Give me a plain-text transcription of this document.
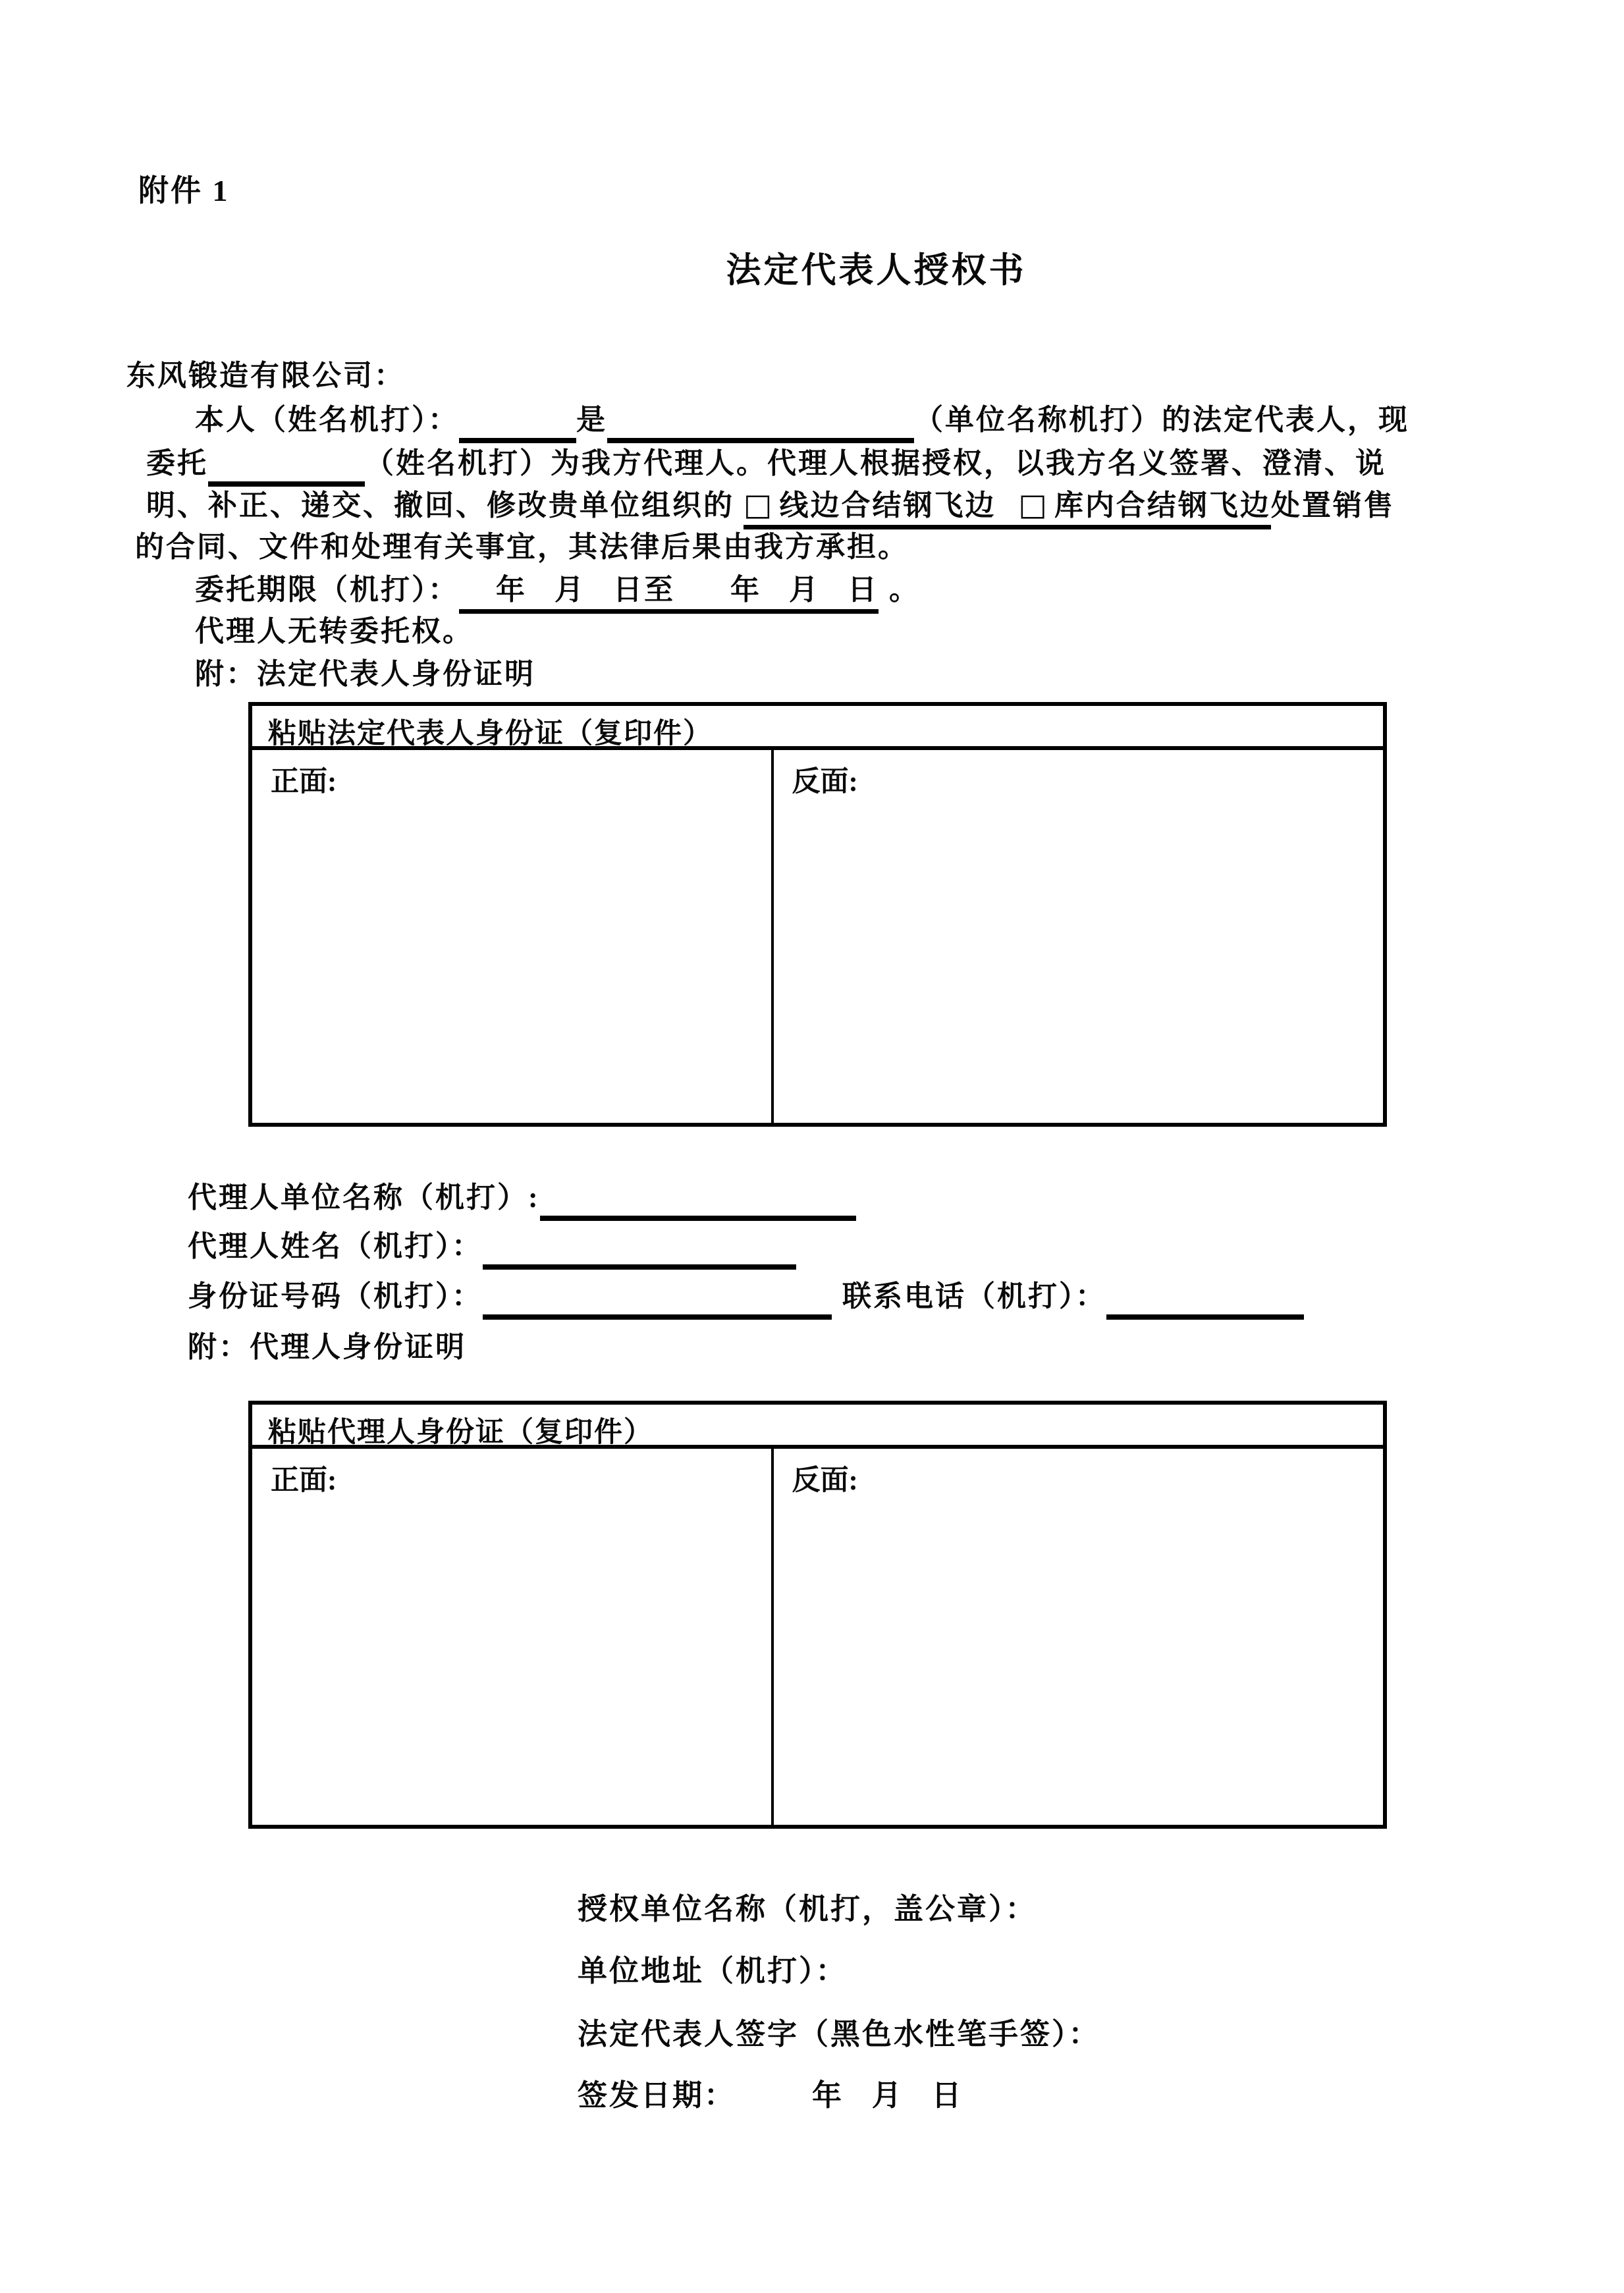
附件 1
法定代表人授权书
东风锻造有限公司：
本人（姓名机打）：	是	（单位名称机打）的法定代表人，现
委托	（姓名机打）为我方代理人。代理人根据授权，以我方名义签署、澄清、说
明、补正、递交、撤回、修改贵单位组织的 □ 线边合结钢飞边 □ 库内合结钢飞边处置销售
的合同、文件和处理有关事宜，其法律后果由我方承担。
委托期限（机打）：    年   月   日至      年   月   日 。
代理人无转委托权。
附：法定代表人身份证明
粘贴法定代表人身份证（复印件）
正面:	反面:
代理人单位名称（机打）:
代理人姓名（机打）：
身份证号码（机打）：	联系电话（机打）：
附：代理人身份证明
粘贴代理人身份证（复印件）
正面:	反面:
授权单位名称（机打，盖公章）：
单位地址（机打）：
法定代表人签字（黑色水性笔手签）：
签发日期：	年   月   日
